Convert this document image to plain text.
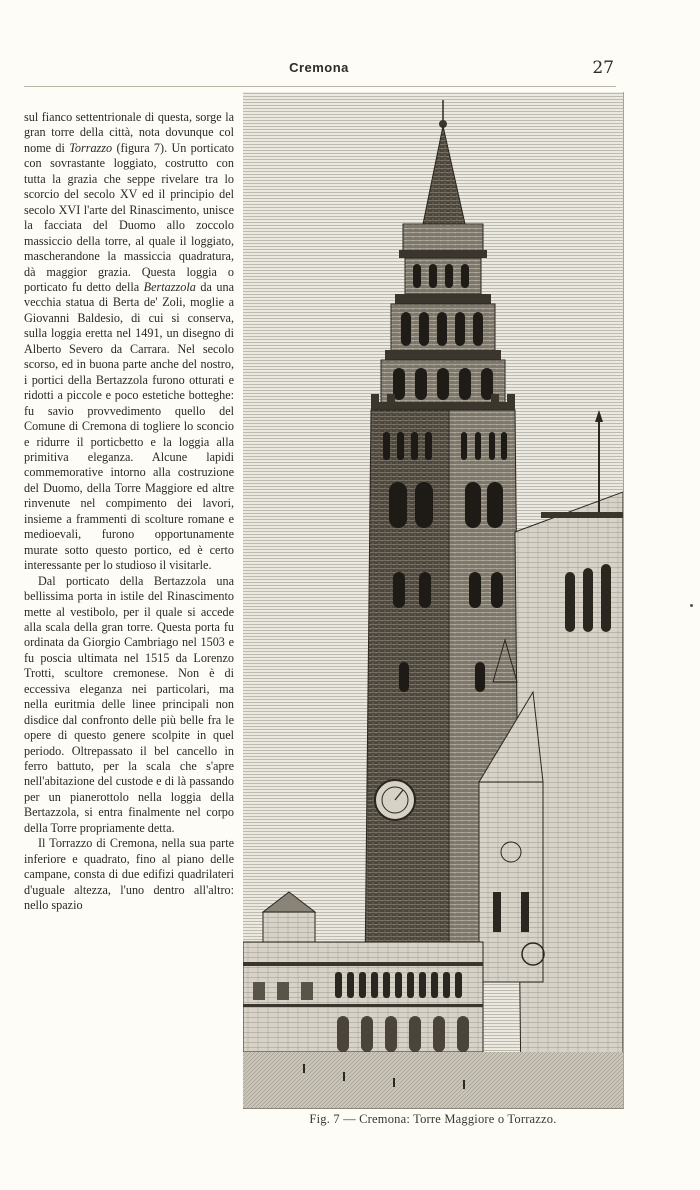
Cremona	27

sul fianco settentrionale di questa, sorge la gran torre della città, nota dovunque col nome di Torrazzo (figura 7). Un porticato con sovrastante loggiato, costrutto con tutta la grazia che seppe rivelare tra lo scorcio del secolo XV ed il principio del secolo XVI l'arte del Rinascimento, unisce la facciata del Duomo allo zoccolo massiccio della torre, al quale il loggiato, mascherandone la massiccia quadratura, dà maggior grazia. Questa loggia o porticato fu detto della Bertazzola da una vecchia statua di Berta de' Zoli, moglie a Giovanni Baldesio, di cui si conserva, sulla loggia eretta nel 1491, un disegno di Alberto Severo da Carrara. Nel secolo scorso, ed in buona parte anche del nostro, i portici della Bertazzola furono otturati e ridotti a piccole e poco estetiche botteghe: fu savio provvedimento quello del Comune di Cremona di togliere lo sconcio e ridurre il porticbetto e la loggia alla primitiva eleganza. Alcune lapidi commemorative intorno alla costruzione del Duomo, della Torre Maggiore ed altre rinvenute nel compimento dei lavori, insieme a frammenti di scolture romane e medioevali, furono opportunamente murate sotto questo portico, ed è certo interessante per lo studioso il visitarle.

Dal porticato della Bertazzola una bellissima porta in istile del Rinascimento mette al vestibolo, per il quale si accede alla scala della gran torre. Questa porta fu ordinata da Giorgio Cambriago nel 1503 e fu poscia ultimata nel 1515 da Lorenzo Trotti, scultore cremonese. Non è di eccessiva eleganza nei particolari, ma nella euritmia delle linee principali non disdice dal confronto delle più belle fra le opere di questo genere scolpite in quel periodo. Oltrepassato il bel cancello in ferro battuto, per la scala che s'apre nell'abitazione del custode e di là passando per un pianerottolo nella loggia della Bertazzola, si entra finalmente nel corpo della Torre propriamente detta.

Il Torrazzo di Cremona, nella sua parte inferiore e quadrato, fino al piano delle campane, consta di due edifizi quadrilateri d'uguale altezza, l'uno dentro all'altro: nello spazio

Fig. 7 — Cremona: Torre Maggiore o Torrazzo.
